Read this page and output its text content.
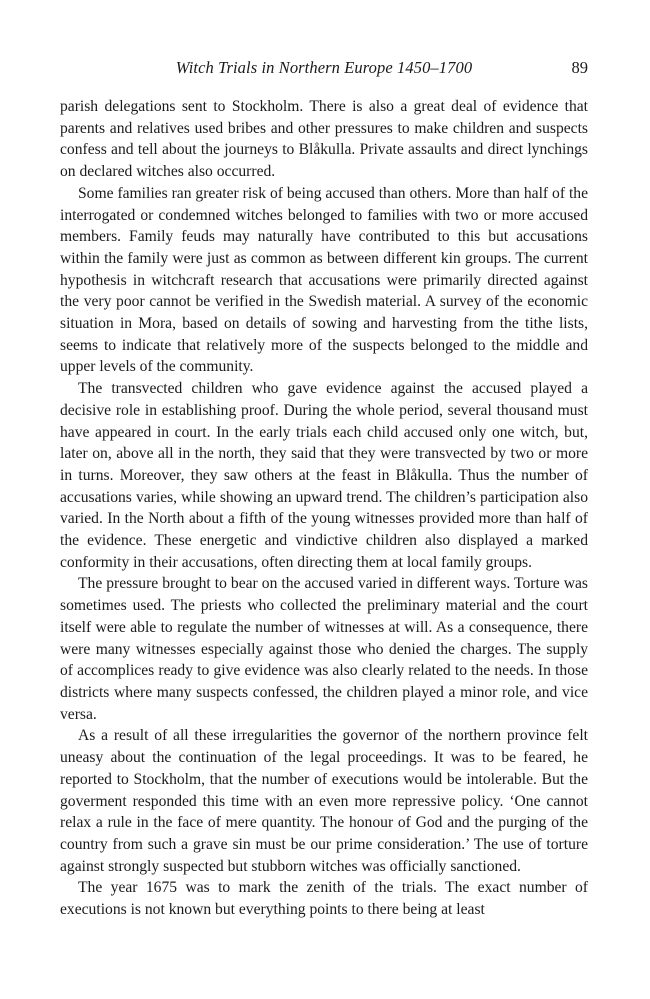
Witch Trials in Northern Europe 1450–1700	89

parish delegations sent to Stockholm. There is also a great deal of evidence that parents and relatives used bribes and other pressures to make children and suspects confess and tell about the journeys to Blåkulla. Private assaults and direct lynchings on declared witches also occurred.

Some families ran greater risk of being accused than others. More than half of the interrogated or condemned witches belonged to families with two or more accused members. Family feuds may naturally have contributed to this but accusations within the family were just as common as between different kin groups. The current hypothesis in witchcraft research that accusations were primarily directed against the very poor cannot be verified in the Swedish material. A survey of the economic situation in Mora, based on details of sowing and harvesting from the tithe lists, seems to indicate that relatively more of the suspects belonged to the middle and upper levels of the community.

The transvected children who gave evidence against the accused played a decisive role in establishing proof. During the whole period, several thousand must have appeared in court. In the early trials each child accused only one witch, but, later on, above all in the north, they said that they were transvected by two or more in turns. Moreover, they saw others at the feast in Blåkulla. Thus the number of accusations varies, while showing an upward trend. The children’s participation also varied. In the North about a fifth of the young witnesses provided more than half of the evidence. These energetic and vindictive children also displayed a marked conformity in their accusations, often directing them at local family groups.

The pressure brought to bear on the accused varied in different ways. Torture was sometimes used. The priests who collected the preliminary material and the court itself were able to regulate the number of witnesses at will. As a consequence, there were many witnesses especially against those who denied the charges. The supply of accomplices ready to give evidence was also clearly related to the needs. In those districts where many suspects confessed, the children played a minor role, and vice versa.

As a result of all these irregularities the governor of the northern province felt uneasy about the continuation of the legal proceedings. It was to be feared, he reported to Stockholm, that the number of executions would be intolerable. But the goverment responded this time with an even more repressive policy. ‘One cannot relax a rule in the face of mere quantity. The honour of God and the purging of the country from such a grave sin must be our prime consideration.’ The use of torture against strongly suspected but stubborn witches was officially sanctioned.

The year 1675 was to mark the zenith of the trials. The exact number of executions is not known but everything points to there being at least
